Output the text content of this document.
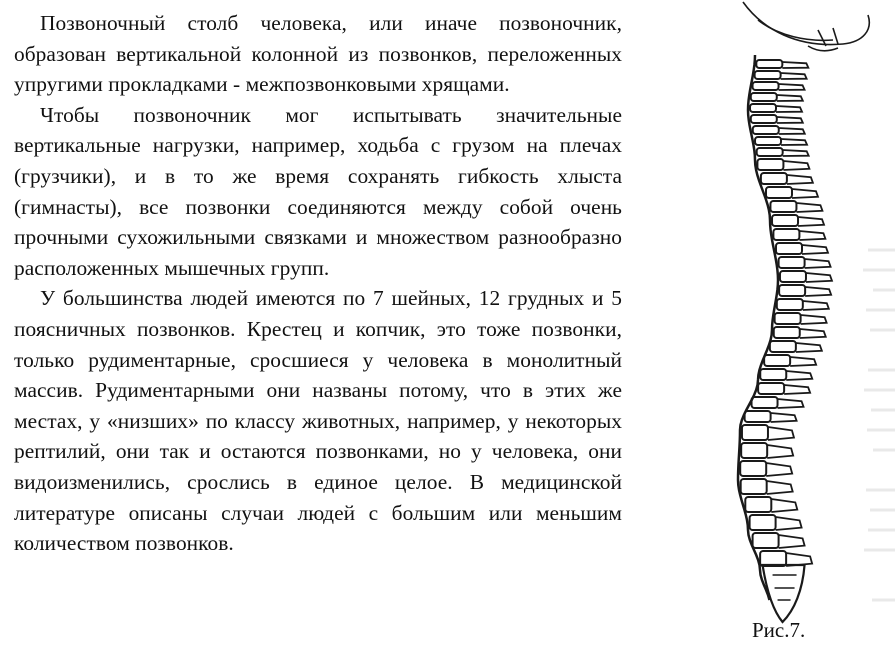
Позвоночный столб человека, или иначе позвоночник, образован вертикальной колонной из позвонков, переложенных упругими прокладками - межпозвонковыми хрящами.

Чтобы позвоночник мог испытывать значительные вертикальные нагрузки, например, ходьба с грузом на плечах (грузчики), и в то же время сохранять гибкость хлыста (гимнасты), все позвонки соединяются между собой очень прочными сухожильными связками и множеством разнообразно расположенных мышечных групп.

У большинства людей имеются по 7 шейных, 12 грудных и 5 поясничных позвонков. Крестец и копчик, это тоже позвонки, только рудиментарные, сросшиеся у человека в монолитный массив. Рудиментарными они названы потому, что в этих же местах, у «низших» по классу животных, например, у некоторых рептилий, они так и остаются позвонками, но у человека, они видоизменились, срослись в единое целое. В медицинской литературе описаны случаи людей с большим или меньшим количеством позвонков.

Рис.7.
